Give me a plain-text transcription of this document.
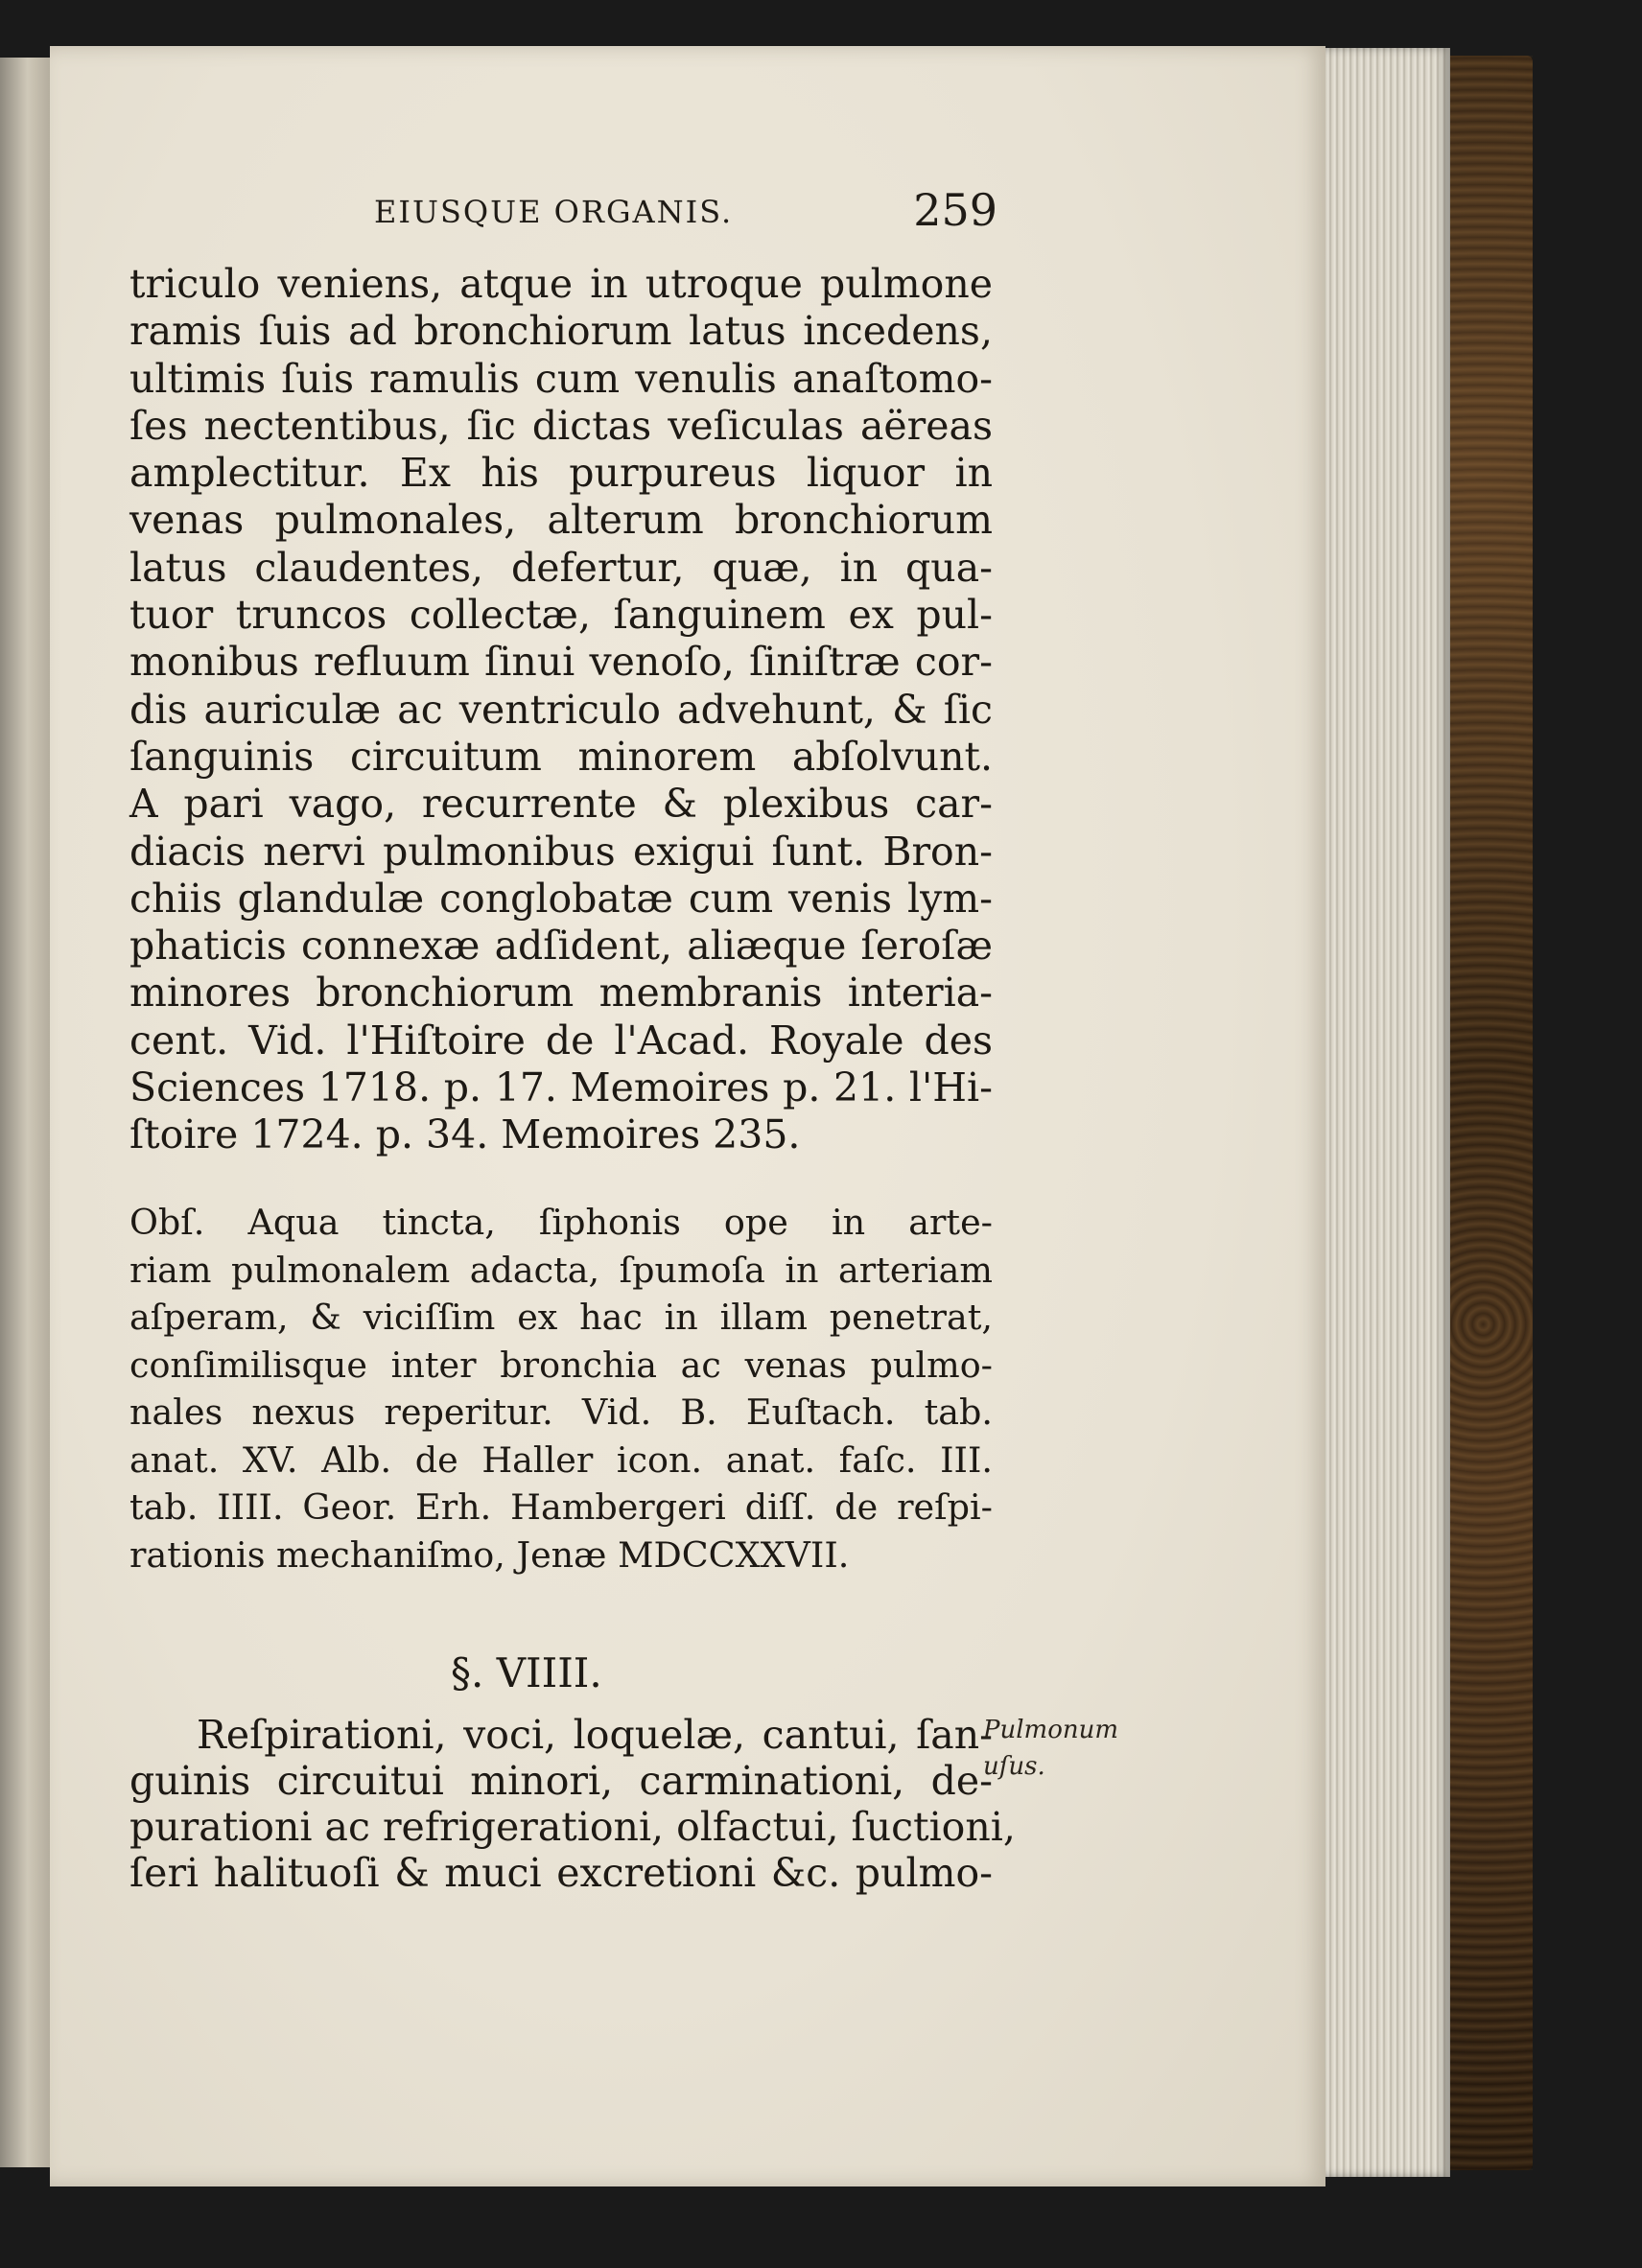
EIUSQUE ORGANIS.	259
triculo veniens, atque in utroque pulmone
ramis ſuis ad bronchiorum latus incedens,
ultimis ſuis ramulis cum venulis anaſtomo-
ſes nectentibus, ſic dictas veſiculas aëreas
amplectitur. Ex his purpureus liquor in
venas pulmonales, alterum bronchiorum
latus claudentes, defertur, quæ, in qua-
tuor truncos collectæ, ſanguinem ex pul-
monibus refluum ſinui venoſo, ſiniſtræ cor-
dis auriculæ ac ventriculo advehunt, & ſic
ſanguinis circuitum minorem abſolvunt.
A pari vago, recurrente & plexibus car-
diacis nervi pulmonibus exigui ſunt. Bron-
chiis glandulæ conglobatæ cum venis lym-
phaticis connexæ adſident, aliæque ſeroſæ
minores bronchiorum membranis interia-
cent. Vid. l'Hiſtoire de l'Acad. Royale des
Sciences 1718. p. 17. Memoires p. 21. l'Hi-
ſtoire 1724. p. 34. Memoires 235.
Obſ. Aqua tincta, ſiphonis ope in arte-
riam pulmonalem adacta, ſpumoſa in arteriam
aſperam, & viciſſim ex hac in illam penetrat,
conſimilisque inter bronchia ac venas pulmo-
nales nexus reperitur. Vid. B. Euſtach. tab.
anat. XV. Alb. de Haller icon. anat. faſc. III.
tab. IIII. Geor. Erh. Hambergeri diſſ. de reſpi-
rationis mechaniſmo, Jenæ MDCCXXVII.
§. VIIII.
Reſpirationi, voci, loquelæ, cantui, ſan-
guinis circuitui minori, carminationi, de-
purationi ac refrigerationi, olfactui, ſuctioni,
ſeri halituoſi & muci excretioni &c. pulmo-
Pulmonum
uſus.
